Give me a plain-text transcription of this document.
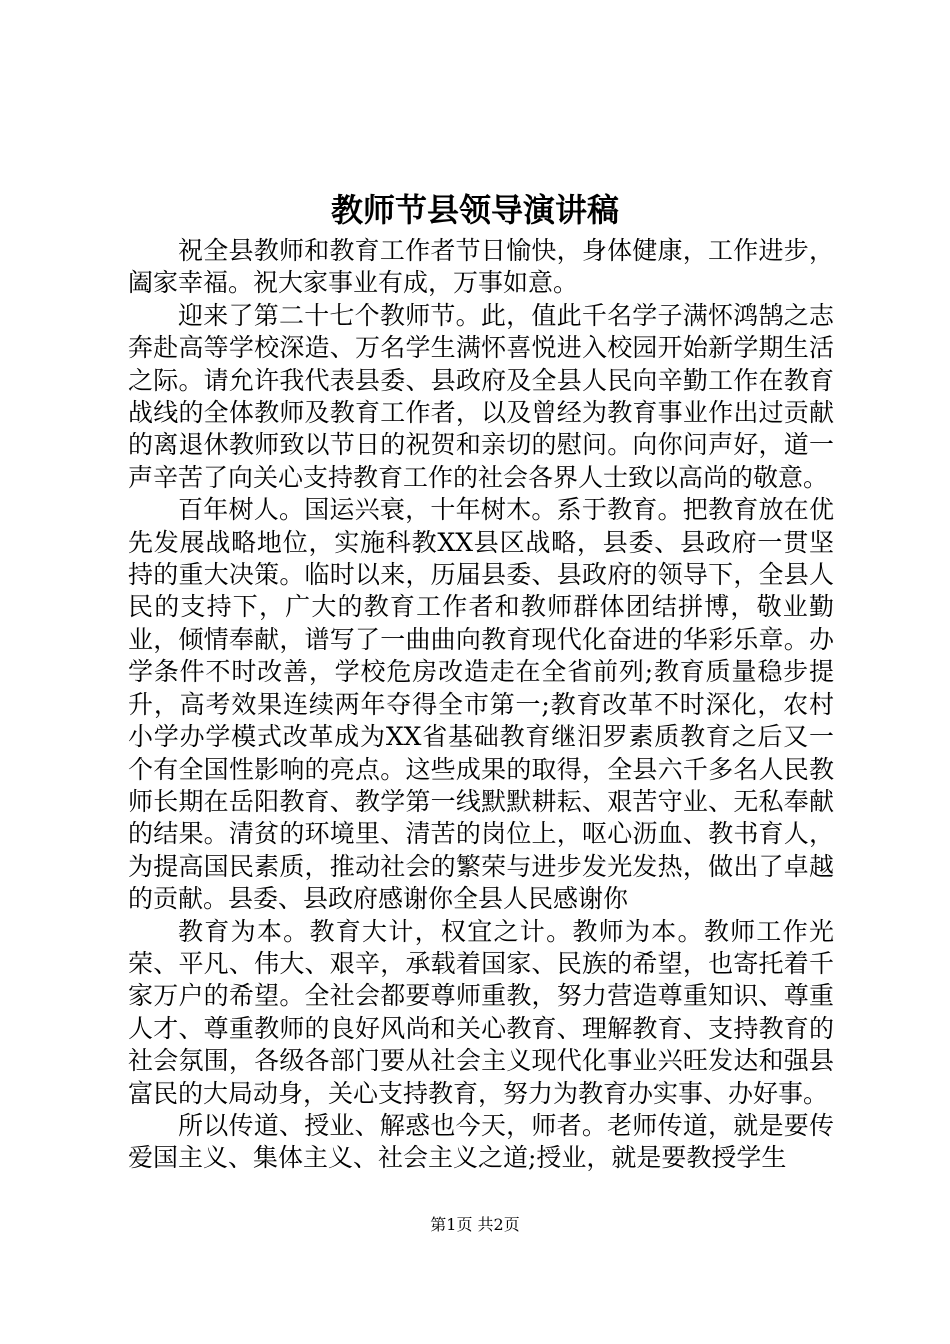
教师节县领导演讲稿

祝全县教师和教育工作者节日愉快，身体健康，工作进步，阖家幸福。祝大家事业有成，万事如意。

迎来了第二十七个教师节。此，值此千名学子满怀鸿鹄之志奔赴高等学校深造、万名学生满怀喜悦进入校园开始新学期生活之际。请允许我代表县委、县政府及全县人民向辛勤工作在教育战线的全体教师及教育工作者，以及曾经为教育事业作出过贡献的离退休教师致以节日的祝贺和亲切的慰问。向你问声好，道一声辛苦了向关心支持教育工作的社会各界人士致以高尚的敬意。

百年树人。国运兴衰，十年树木。系于教育。把教育放在优先发展战略地位，实施科教XX县区战略，县委、县政府一贯坚持的重大决策。临时以来，历届县委、县政府的领导下，全县人民的支持下，广大的教育工作者和教师群体团结拼博，敬业勤业，倾情奉献，谱写了一曲曲向教育现代化奋进的华彩乐章。办学条件不时改善，学校危房改造走在全省前列;教育质量稳步提升，高考效果连续两年夺得全市第一;教育改革不时深化，农村小学办学模式改革成为XX省基础教育继汨罗素质教育之后又一个有全国性影响的亮点。这些成果的取得，全县六千多名人民教师长期在岳阳教育、教学第一线默默耕耘、艰苦守业、无私奉献的结果。清贫的环境里、清苦的岗位上，呕心沥血、教书育人，为提高国民素质，推动社会的繁荣与进步发光发热，做出了卓越的贡献。县委、县政府感谢你全县人民感谢你

教育为本。教育大计，权宜之计。教师为本。教师工作光荣、平凡、伟大、艰辛，承载着国家、民族的希望，也寄托着千家万户的希望。全社会都要尊师重教，努力营造尊重知识、尊重人才、尊重教师的良好风尚和关心教育、理解教育、支持教育的社会氛围，各级各部门要从社会主义现代化事业兴旺发达和强县富民的大局动身，关心支持教育，努力为教育办实事、办好事。

所以传道、授业、解惑也今天，师者。老师传道，就是要传爱国主义、集体主义、社会主义之道;授业，就是要教授学生

第1页 共2页
